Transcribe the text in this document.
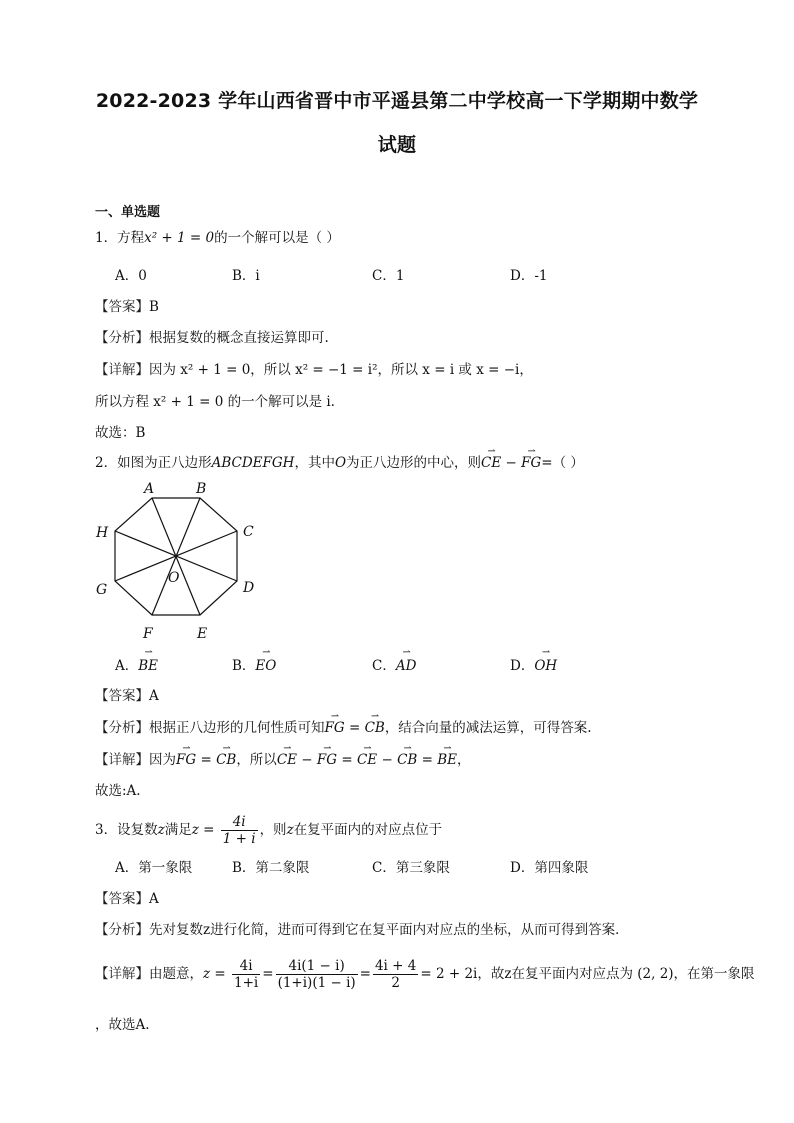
2022-2023 学年山西省晋中市平遥县第二中学校高一下学期期中数学
试题
一、单选题
1．方程x² + 1 = 0的一个解可以是（ ）
A．0	B．i	C．1	D．-1
【答案】B
【分析】根据复数的概念直接运算即可.
【详解】因为 x² + 1 = 0，所以 x² = −1 = i²，所以 x = i 或 x = −i，
所以方程 x² + 1 = 0 的一个解可以是 i.
故选：B
2．如图为正八边形ABCDEFGH，其中O为正八边形的中心，则⇀ CE − ⇀ FG=（ ）
A	B
C
D
E
F
G
H
O
A．⇀ BE	B．⇀ EO	C．⇀ AD	D．⇀ OH
【答案】A
【分析】根据正八边形的几何性质可知⇀ FG = ⇀ CB，结合向量的减法运算，可得答案.
【详解】因为⇀ FG = ⇀ CB，所以⇀ CE − ⇀ FG = ⇀ CE − ⇀ CB = ⇀ BE，
故选:A.
3．设复数z满足$z = \frac{4i}{1 + i}$ ，则z在复平面内的对应点位于
A．第一象限	B．第二象限	C．第三象限	D．第四象限
【答案】A
【分析】先对复数z进行化简，进而可得到它在复平面内对应点的坐标，从而可得到答案．
【详解】由题意，$z = \frac{4i}{1+i} = \frac{4i(1 - i)}{(1+i)(1 - i)} = \frac{4i + 4}{2} = 2 + 2i$，故z在复平面内对应点为 (2, 2)，在第一象限
，故选A.
